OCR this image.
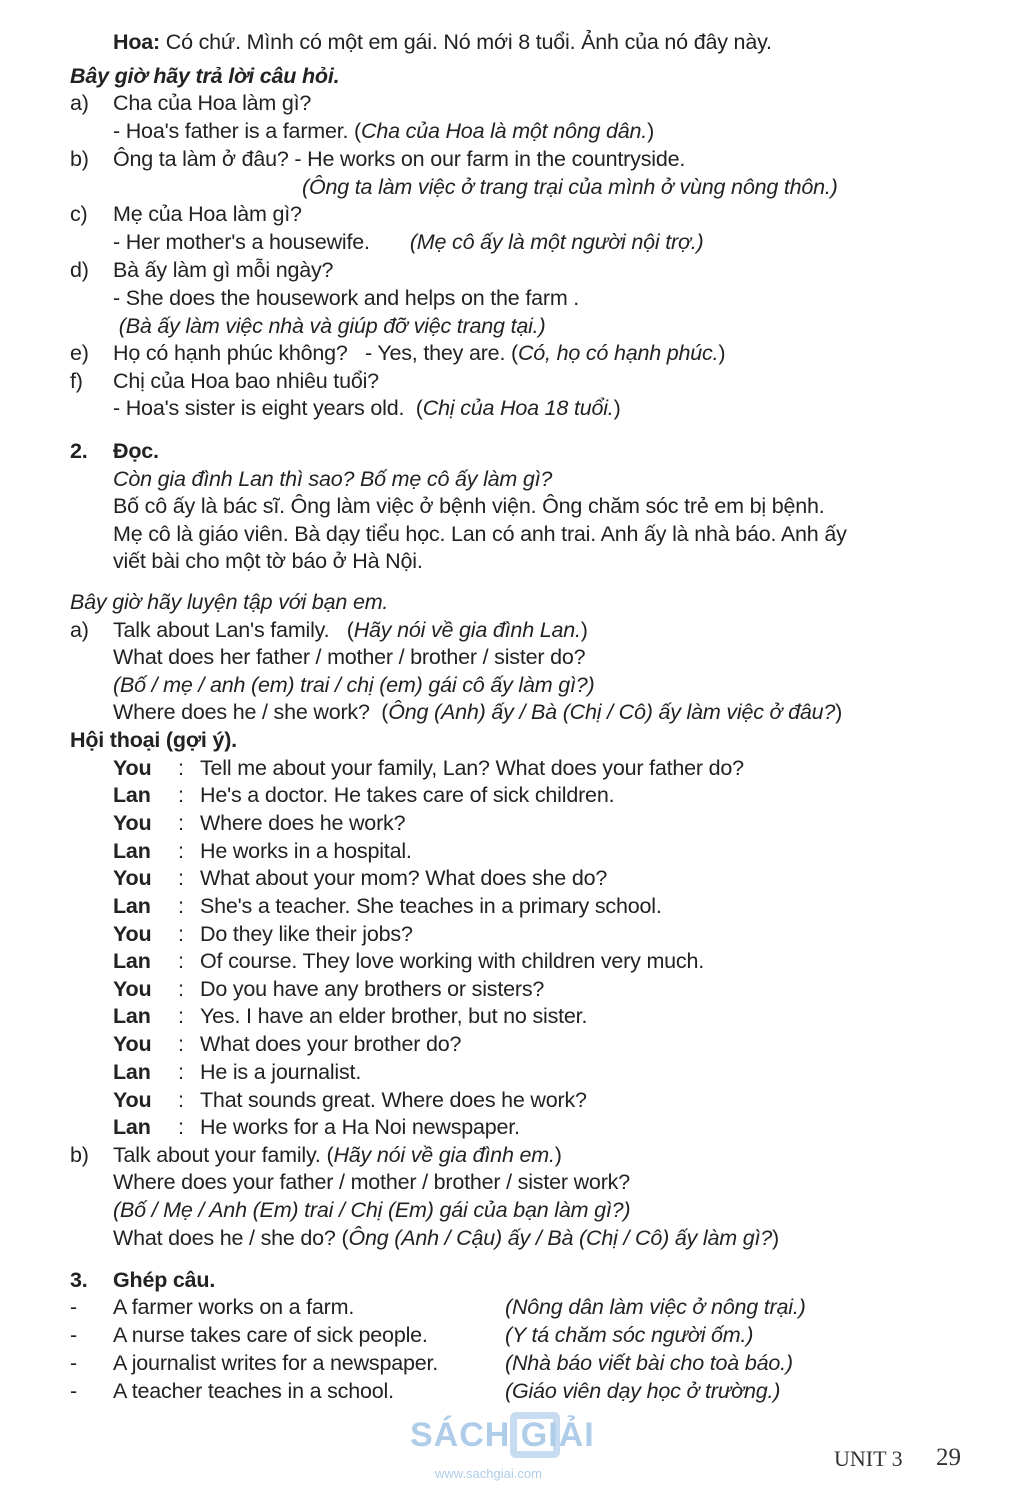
Hoa: Có chứ. Mình có một em gái. Nó mới 8 tuổi. Ảnh của nó đây này.
Bây giờ hãy trả lời câu hỏi.
a) Cha của Hoa làm gì?
- Hoa's father is a farmer. (Cha của Hoa là một nông dân.)
b) Ông ta làm ở đâu? - He works on our farm in the countryside.
(Ông ta làm việc ở trang trại của mình ở vùng nông thôn.)
c) Mẹ của Hoa làm gì?
- Her mother's a housewife. (Mẹ cô ấy là một người nội trợ.)
d) Bà ấy làm gì mỗi ngày?
- She does the housework and helps on the farm .
(Bà ấy làm việc nhà và giúp đỡ việc trang tại.)
e) Họ có hạnh phúc không?   - Yes, they are. (Có, họ có hạnh phúc.)
f) Chị của Hoa bao nhiêu tuổi?
- Hoa's sister is eight years old.  (Chị của Hoa 18 tuổi.)
2. Đọc.
Còn gia đình Lan thì sao? Bố mẹ cô ấy làm gì?
Bố cô ấy là bác sĩ. Ông làm việc ở bệnh viện. Ông chăm sóc trẻ em bị bệnh.
Mẹ cô là giáo viên. Bà dạy tiểu học. Lan có anh trai. Anh ấy là nhà báo. Anh ấy
viết bài cho một tờ báo ở Hà Nội.
Bây giờ hãy luyện tập với bạn em.
a) Talk about Lan's family.   (Hãy nói về gia đình Lan.)
What does her father / mother / brother / sister do?
(Bố / mẹ / anh (em) trai / chị (em) gái cô ấy làm gì?)
Where does he / she work?  (Ông (Anh) ấy / Bà (Chị / Cô) ấy làm việc ở đâu?)
Hội thoại (gợi ý).
You : Tell me about your family, Lan? What does your father do?
Lan : He's a doctor. He takes care of sick children.
You : Where does he work?
Lan : He works in a hospital.
You : What about your mom? What does she do?
Lan : She's a teacher. She teaches in a primary school.
You : Do they like their jobs?
Lan : Of course. They love working with children very much.
You : Do you have any brothers or sisters?
Lan : Yes. I have an elder brother, but no sister.
You : What does your brother do?
Lan : He is a journalist.
You : That sounds great. Where does he work?
Lan : He works for a Ha Noi newspaper.
b) Talk about your family. (Hãy nói về gia đình em.)
Where does your father / mother / brother / sister work?
(Bố / Mẹ / Anh (Em) trai / Chị (Em) gái của bạn làm gì?)
What does he / she do? (Ông (Anh / Cậu) ấy / Bà (Chị / Cô) ấy làm gì?)
3. Ghép câu.
- A farmer works on a farm.	(Nông dân làm việc ở nông trại.)
- A nurse takes care of sick people.	(Y tá chăm sóc người ốm.)
- A journalist writes for a newspaper.	(Nhà báo viết bài cho toà báo.)
- A teacher teaches in a school.	(Giáo viên dạy học ở trường.)
SÁCH GIẢI
www.sachgiai.com
UNIT 3 29
